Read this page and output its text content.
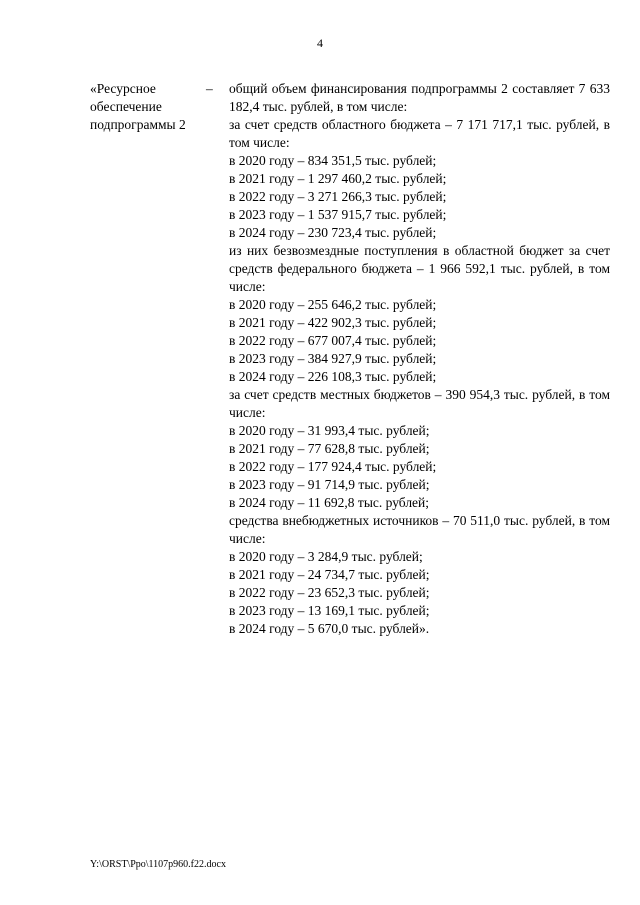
4
«Ресурсное
обеспечение
подпрограммы 2
– общий объем финансирования подпрограммы 2 составляет 7 633 182,4 тыс. рублей, в том числе:

за счет средств областного бюджета – 7 171 717,1 тыс. рублей, в том числе:

в 2020 году – 834 351,5 тыс. рублей;

в 2021 году – 1 297 460,2 тыс. рублей;

в 2022 году – 3 271 266,3 тыс. рублей;

в 2023 году – 1 537 915,7 тыс. рублей;

в 2024 году – 230 723,4 тыс. рублей;

из них безвозмездные поступления в областной бюджет за счет средств федерального бюджета – 1 966 592,1 тыс. рублей, в том числе:

в 2020 году – 255 646,2 тыс. рублей;

в 2021 году – 422 902,3 тыс. рублей;

в 2022 году – 677 007,4 тыс. рублей;

в 2023 году – 384 927,9 тыс. рублей;

в 2024 году – 226 108,3 тыс. рублей;

за счет средств местных бюджетов – 390 954,3 тыс. рублей, в том числе:

в 2020 году – 31 993,4 тыс. рублей;

в 2021 году – 77 628,8 тыс. рублей;

в 2022 году – 177 924,4 тыс. рублей;

в 2023 году – 91 714,9 тыс. рублей;

в 2024 году – 11 692,8 тыс. рублей;

средства внебюджетных источников – 70 511,0 тыс. рублей, в том числе:

в 2020 году – 3 284,9 тыс. рублей;

в 2021 году – 24 734,7 тыс. рублей;

в 2022 году – 23 652,3 тыс. рублей;

в 2023 году – 13 169,1 тыс. рублей;

в 2024 году – 5 670,0 тыс. рублей».

Y:\ORST\Ppo\1107p960.f22.docx
